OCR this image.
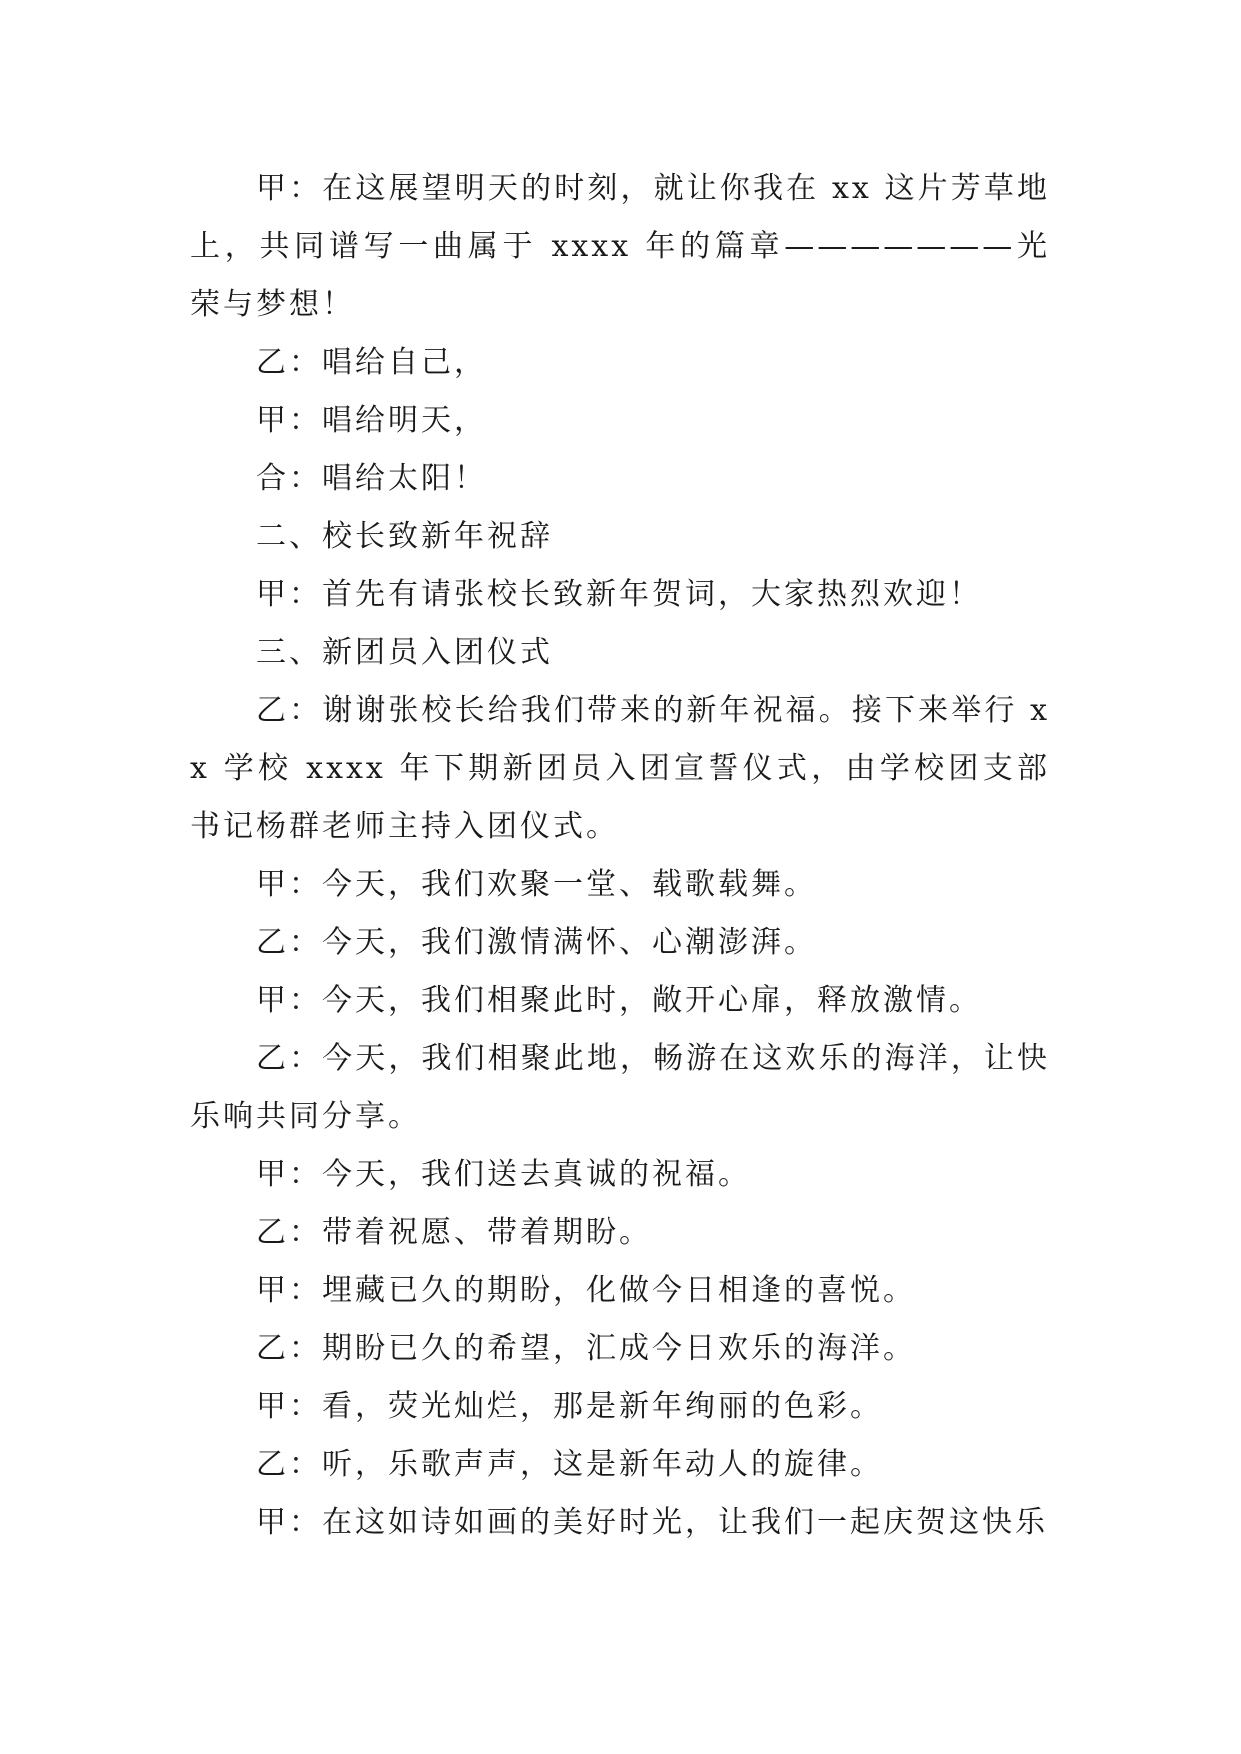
甲：在这展望明天的时刻，就让你我在 xx 这片芳草地上，共同谱写一曲属于 xxxx 年的篇章———————光荣与梦想！

乙：唱给自己，

甲：唱给明天，

合：唱给太阳！

二、校长致新年祝辞

甲：首先有请张校长致新年贺词，大家热烈欢迎！

三、新团员入团仪式

乙：谢谢张校长给我们带来的新年祝福。接下来举行 xx 学校 xxxx 年下期新团员入团宣誓仪式，由学校团支部书记杨群老师主持入团仪式。

甲：今天，我们欢聚一堂、载歌载舞。

乙：今天，我们激情满怀、心潮澎湃。

甲：今天，我们相聚此时，敞开心扉，释放激情。

乙：今天，我们相聚此地，畅游在这欢乐的海洋，让快乐响共同分享。

甲：今天，我们送去真诚的祝福。

乙：带着祝愿、带着期盼。

甲：埋藏已久的期盼，化做今日相逢的喜悦。

乙：期盼已久的希望，汇成今日欢乐的海洋。

甲：看，荧光灿烂，那是新年绚丽的色彩。

乙：听，乐歌声声，这是新年动人的旋律。

甲：在这如诗如画的美好时光，让我们一起庆贺这快乐
